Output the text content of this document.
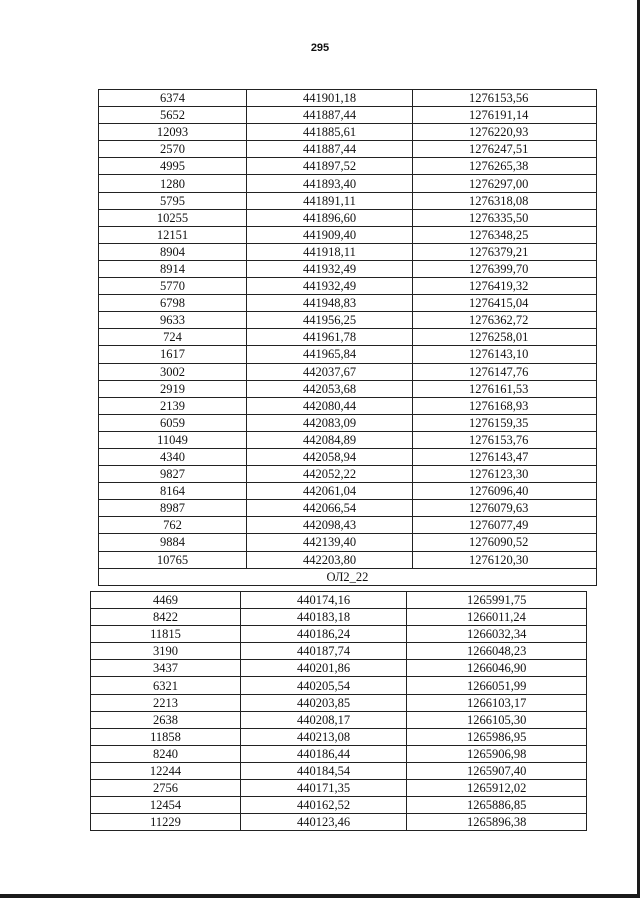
295
6374	441901,18	1276153,56
5652	441887,44	1276191,14
12093	441885,61	1276220,93
2570	441887,44	1276247,51
4995	441897,52	1276265,38
1280	441893,40	1276297,00
5795	441891,11	1276318,08
10255	441896,60	1276335,50
12151	441909,40	1276348,25
8904	441918,11	1276379,21
8914	441932,49	1276399,70
5770	441932,49	1276419,32
6798	441948,83	1276415,04
9633	441956,25	1276362,72
724	441961,78	1276258,01
1617	441965,84	1276143,10
3002	442037,67	1276147,76
2919	442053,68	1276161,53
2139	442080,44	1276168,93
6059	442083,09	1276159,35
11049	442084,89	1276153,76
4340	442058,94	1276143,47
9827	442052,22	1276123,30
8164	442061,04	1276096,40
8987	442066,54	1276079,63
762	442098,43	1276077,49
9884	442139,40	1276090,52
10765	442203,80	1276120,30
ОЛ2_22		
4469	440174,16	1265991,75
8422	440183,18	1266011,24
11815	440186,24	1266032,34
3190	440187,74	1266048,23
3437	440201,86	1266046,90
6321	440205,54	1266051,99
2213	440203,85	1266103,17
2638	440208,17	1266105,30
11858	440213,08	1265986,95
8240	440186,44	1265906,98
12244	440184,54	1265907,40
2756	440171,35	1265912,02
12454	440162,52	1265886,85
11229	440123,46	1265896,38
